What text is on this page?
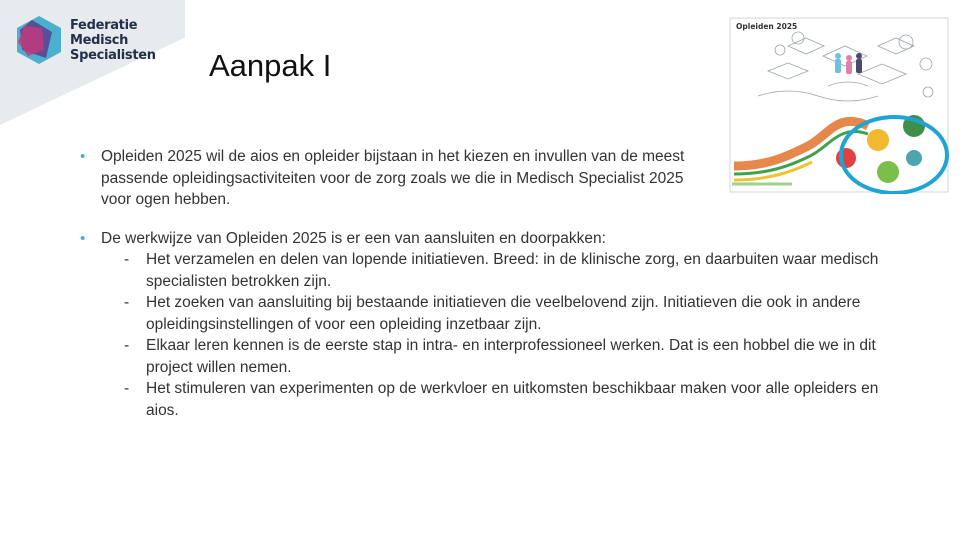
Federatie
Medisch
Specialisten Aanpak I
Opleiden 2025
• Opleiden 2025 wil de aios en opleider bijstaan in het kiezen en invullen van de meest passende opleidingsactiviteiten voor de zorg zoals we die in Medisch Specialist 2025 voor ogen hebben.
• De werkwijze van Opleiden 2025 is er een van aansluiten en doorpakken:
- Het verzamelen en delen van lopende initiatieven. Breed: in de klinische zorg, en daarbuiten waar medisch specialisten betrokken zijn.
- Het zoeken van aansluiting bij bestaande initiatieven die veelbelovend zijn. Initiatieven die ook in andere opleidingsinstellingen of voor een opleiding inzetbaar zijn.
- Elkaar leren kennen is de eerste stap in intra- en interprofessioneel werken. Dat is een hobbel die we in dit project willen nemen.
- Het stimuleren van experimenten op de werkvloer en uitkomsten beschikbaar maken voor alle opleiders en aios.
